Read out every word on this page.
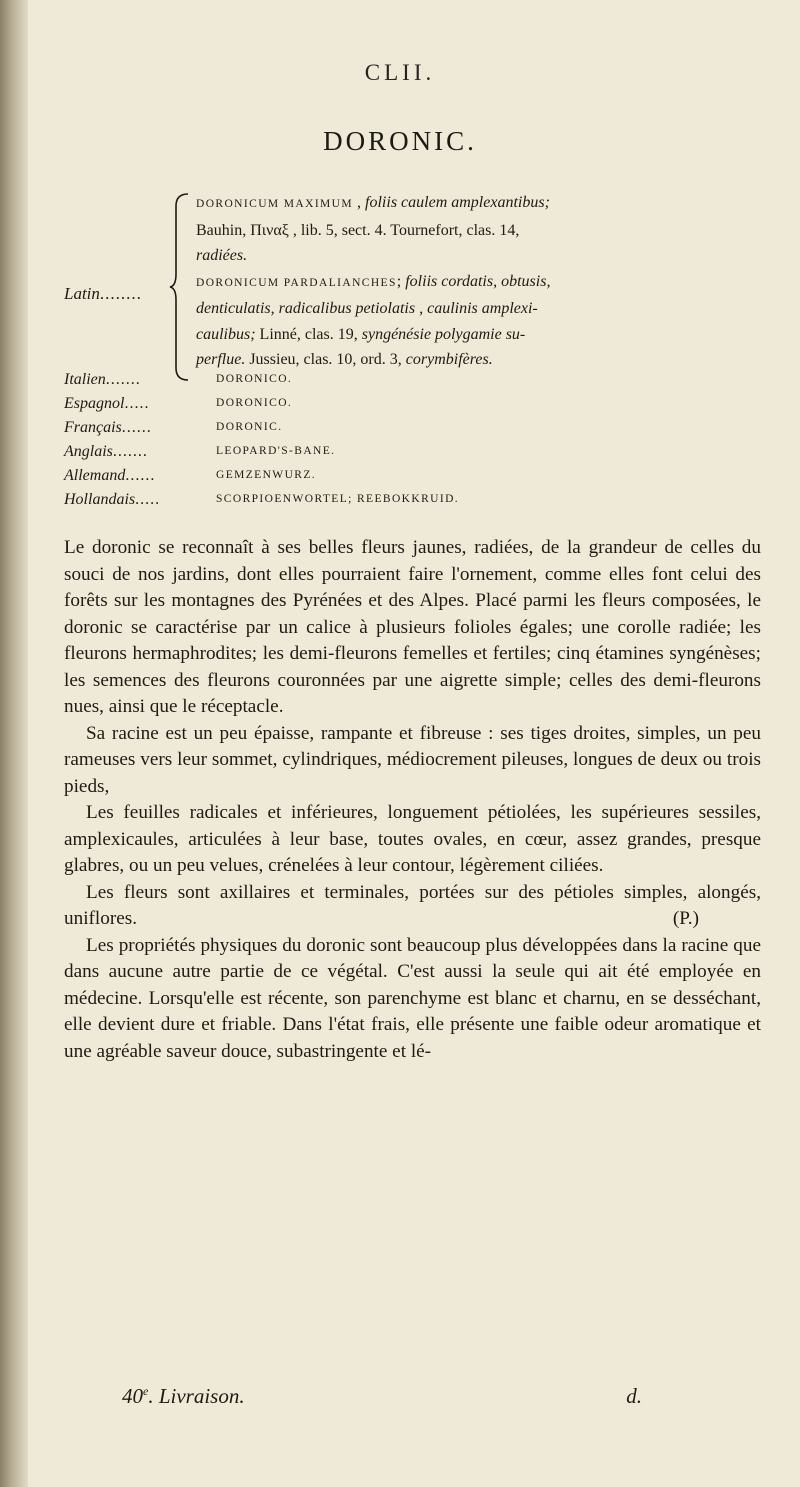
CLII.
DORONIC.
Latin........
DORONICUM MAXIMUM , foliis caulem amplexantibus;
Bauhin, Πιναξ , lib. 5, sect. 4. Tournefort, clas. 14,
radiées.
DORONICUM PARDALIANCHES; foliis cordatis, obtusis,
denticulatis, radicalibus petiolatis , caulinis amplexi-
caulibus; Linné, clas. 19, syngénésie polygamie su-
perflue. Jussieu, clas. 10, ord. 3, corymbifères.
Italien.......	DORONICO.
Espagnol.....	DORONICO.
Français......	DORONIC.
Anglais.......	LEOPARD'S-BANE.
Allemand......	GEMZENWURZ.
Hollandais.....	SCORPIOENWORTEL; REEBOKKRUID.

Le doronic se reconnaît à ses belles fleurs jaunes, radiées, de la grandeur de celles du souci de nos jardins, dont elles pourraient faire l'ornement, comme elles font celui des forêts sur les montagnes des Pyrénées et des Alpes. Placé parmi les fleurs composées, le doronic se caractérise par un calice à plusieurs folioles égales; une corolle radiée; les fleurons hermaphrodites; les demi-fleurons femelles et fertiles; cinq étamines syngénèses; les semences des fleurons couronnées par une aigrette simple; celles des demi-fleurons nues, ainsi que le réceptacle.

Sa racine est un peu épaisse, rampante et fibreuse : ses tiges droites, simples, un peu rameuses vers leur sommet, cylindriques, médiocrement pileuses, longues de deux ou trois pieds,

Les feuilles radicales et inférieures, longuement pétiolées, les supérieures sessiles, amplexicaules, articulées à leur base, toutes ovales, en cœur, assez grandes, presque glabres, ou un peu velues, crénelées à leur contour, légèrement ciliées.

Les fleurs sont axillaires et terminales, portées sur des pétioles simples, alongés, uniflores.	(P.)

Les propriétés physiques du doronic sont beaucoup plus développées dans la racine que dans aucune autre partie de ce végétal. C'est aussi la seule qui ait été employée en médecine. Lorsqu'elle est récente, son parenchyme est blanc et charnu, en se desséchant, elle devient dure et friable. Dans l'état frais, elle présente une faible odeur aromatique et une agréable saveur douce, subastringente et lé-

40e. Livraison.	d.
